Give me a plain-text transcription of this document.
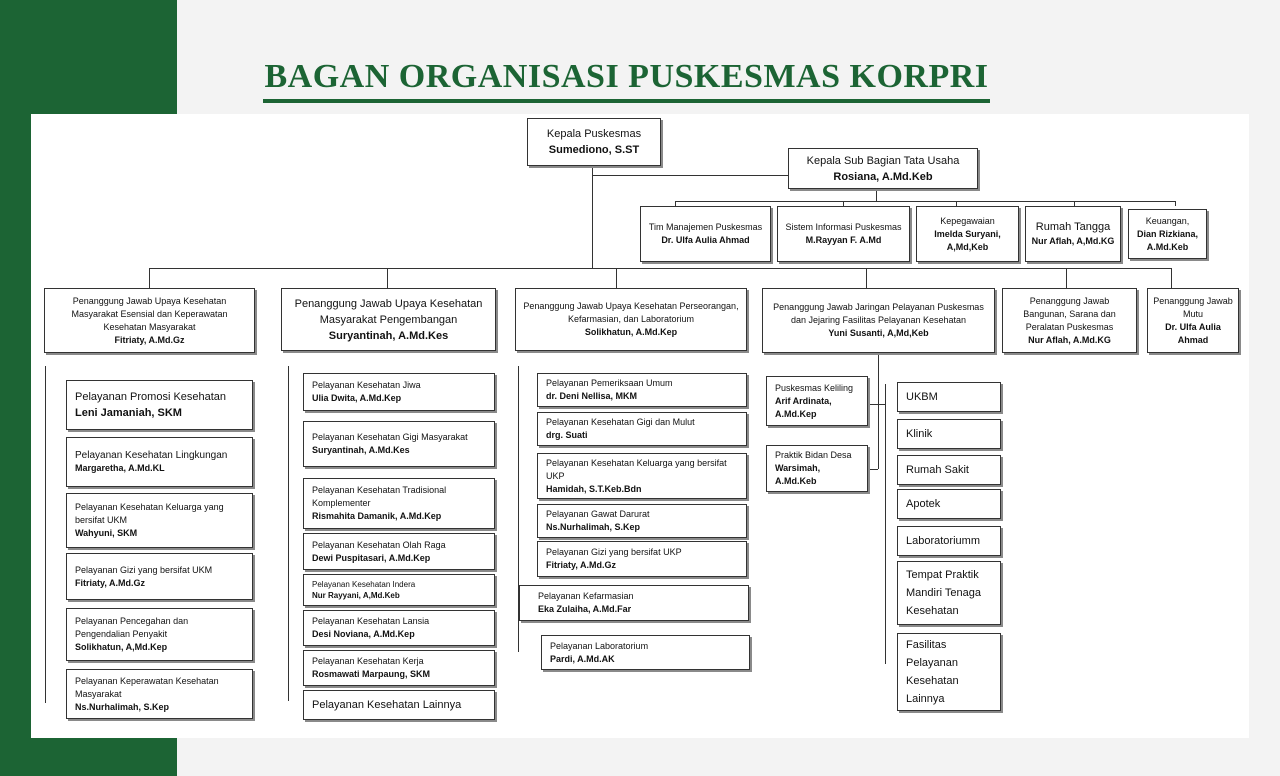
BAGAN ORGANISASI PUSKESMAS KORPRI
Kepala Puskesmas
Sumediono, S.ST
Kepala Sub Bagian Tata Usaha
Rosiana, A.Md.Keb
Tim Manajemen Puskesmas
Dr. Ulfa Aulia Ahmad
Sistem Informasi Puskesmas
M.Rayyan F. A.Md
Kepegawaian
Imelda Suryani, A,Md,Keb
Rumah Tangga
Nur Aflah, A,Md.KG
Keuangan,
Dian Rizkiana, A.Md.Keb
Penanggung Jawab Upaya Kesehatan Masyarakat Esensial dan Keperawatan Kesehatan Masyarakat
Fitriaty, A.Md.Gz
Penanggung Jawab Upaya Kesehatan Masyarakat Pengembangan
Suryantinah, A.Md.Kes
Penanggung Jawab Upaya Kesehatan Perseorangan, Kefarmasian, dan Laboratorium
Solikhatun, A.Md.Kep
Penanggung Jawab Jaringan Pelayanan Puskesmas dan Jejaring Fasilitas Pelayanan Kesehatan
Yuni Susanti, A,Md,Keb
Penanggung Jawab Bangunan, Sarana dan Peralatan Puskesmas
Nur Aflah, A.Md.KG
Penanggung Jawab Mutu
Dr. Ulfa Aulia Ahmad
Pelayanan Promosi Kesehatan
Leni Jamaniah, SKM
Pelayanan Kesehatan Lingkungan
Margaretha, A.Md.KL
Pelayanan Kesehatan Keluarga yang bersifat UKM
Wahyuni, SKM
Pelayanan Gizi yang bersifat UKM
Fitriaty, A.Md.Gz
Pelayanan Pencegahan dan Pengendalian Penyakit
Solikhatun, A,Md.Kep
Pelayanan Keperawatan Kesehatan Masyarakat
Ns.Nurhalimah, S.Kep
Pelayanan Kesehatan Jiwa
Ulia Dwita, A.Md.Kep
Pelayanan Kesehatan Gigi Masyarakat
Suryantinah, A.Md.Kes
Pelayanan Kesehatan Tradisional Komplementer
Rismahita Damanik, A.Md.Kep
Pelayanan Kesehatan Olah Raga
Dewi Puspitasari, A.Md.Kep
Pelayanan Kesehatan Indera
Nur Rayyani, A,Md.Keb
Pelayanan Kesehatan Lansia
Desi Noviana, A.Md.Kep
Pelayanan Kesehatan Kerja
Rosmawati Marpaung, SKM
Pelayanan Kesehatan Lainnya
Pelayanan Pemeriksaan Umum
dr. Deni Nellisa, MKM
Pelayanan Kesehatan Gigi dan Mulut
drg. Suati
Pelayanan Kesehatan Keluarga yang bersifat UKP
Hamidah, S.T.Keb.Bdn
Pelayanan Gawat Darurat
Ns.Nurhalimah, S.Kep
Pelayanan Gizi yang bersifat UKP
Fitriaty, A.Md.Gz
Pelayanan Kefarmasian
Eka Zulaiha, A.Md.Far
Pelayanan Laboratorium
Pardi, A.Md.AK
Puskesmas Keliling
Arif Ardinata, A.Md.Kep
Praktik Bidan Desa
Warsimah, A.Md.Keb
UKBM
Klinik
Rumah Sakit
Apotek
Laboratoriumm
Tempat Praktik Mandiri Tenaga Kesehatan
Fasilitas Pelayanan Kesehatan Lainnya
